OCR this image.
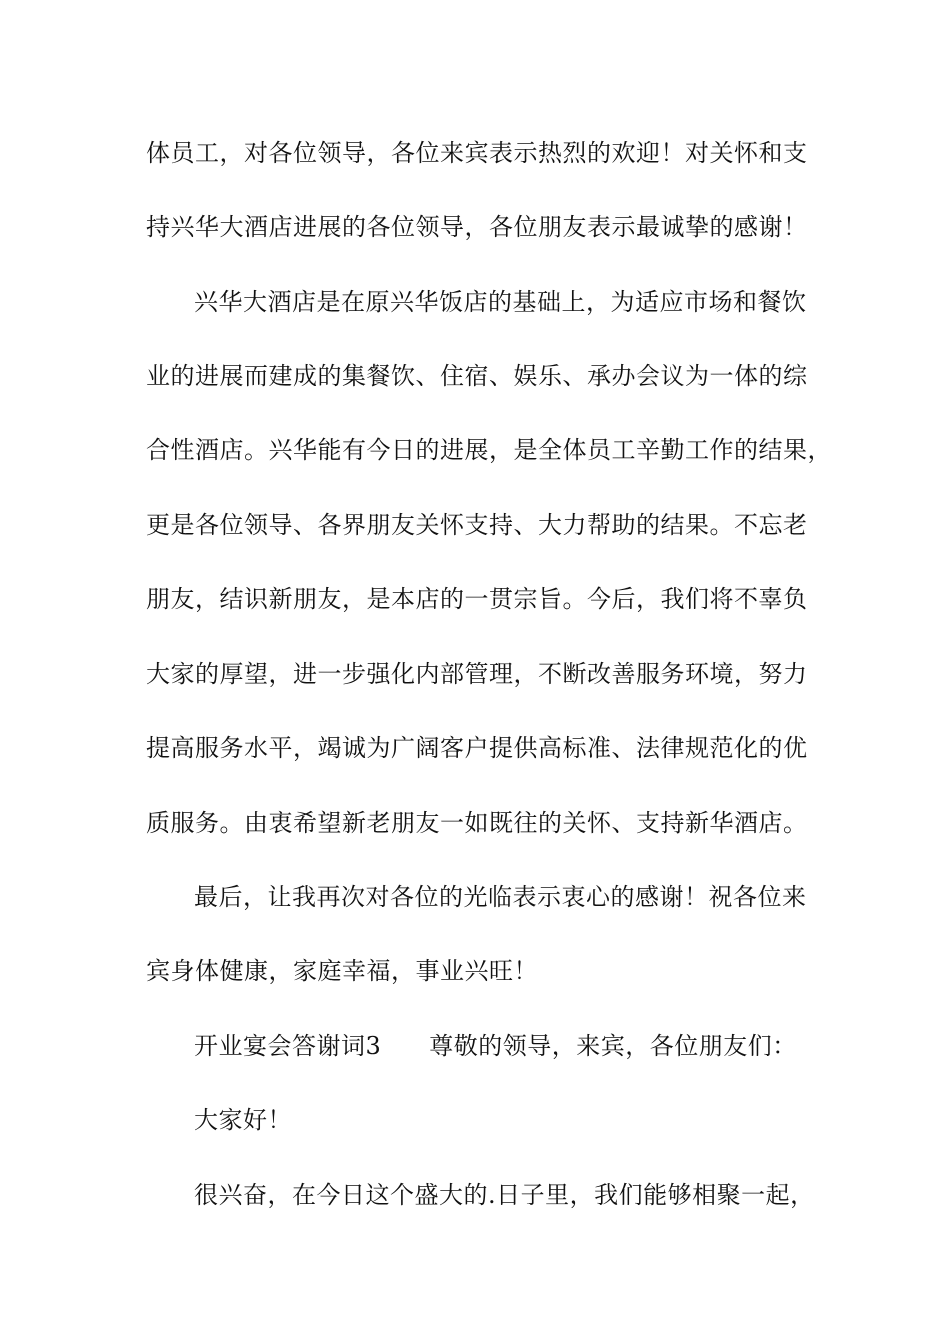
体员工，对各位领导，各位来宾表示热烈的欢迎！对关怀和支
持兴华大酒店进展的各位领导，各位朋友表示最诚挚的感谢！
兴华大酒店是在原兴华饭店的基础上，为适应市场和餐饮
业的进展而建成的集餐饮、住宿、娱乐、承办会议为一体的综
合性酒店。兴华能有今日的进展，是全体员工辛勤工作的结果，
更是各位领导、各界朋友关怀支持、大力帮助的结果。不忘老
朋友，结识新朋友，是本店的一贯宗旨。今后，我们将不辜负
大家的厚望，进一步强化内部管理，不断改善服务环境，努力
提高服务水平，竭诚为广阔客户提供高标准、法律规范化的优
质服务。由衷希望新老朋友一如既往的关怀、支持新华酒店。
最后，让我再次对各位的光临表示衷心的感谢！祝各位来
宾身体健康，家庭幸福，事业兴旺！
开业宴会答谢词3 尊敬的领导，来宾，各位朋友们：
大家好！
很兴奋，在今日这个盛大的.日子里，我们能够相聚一起，
